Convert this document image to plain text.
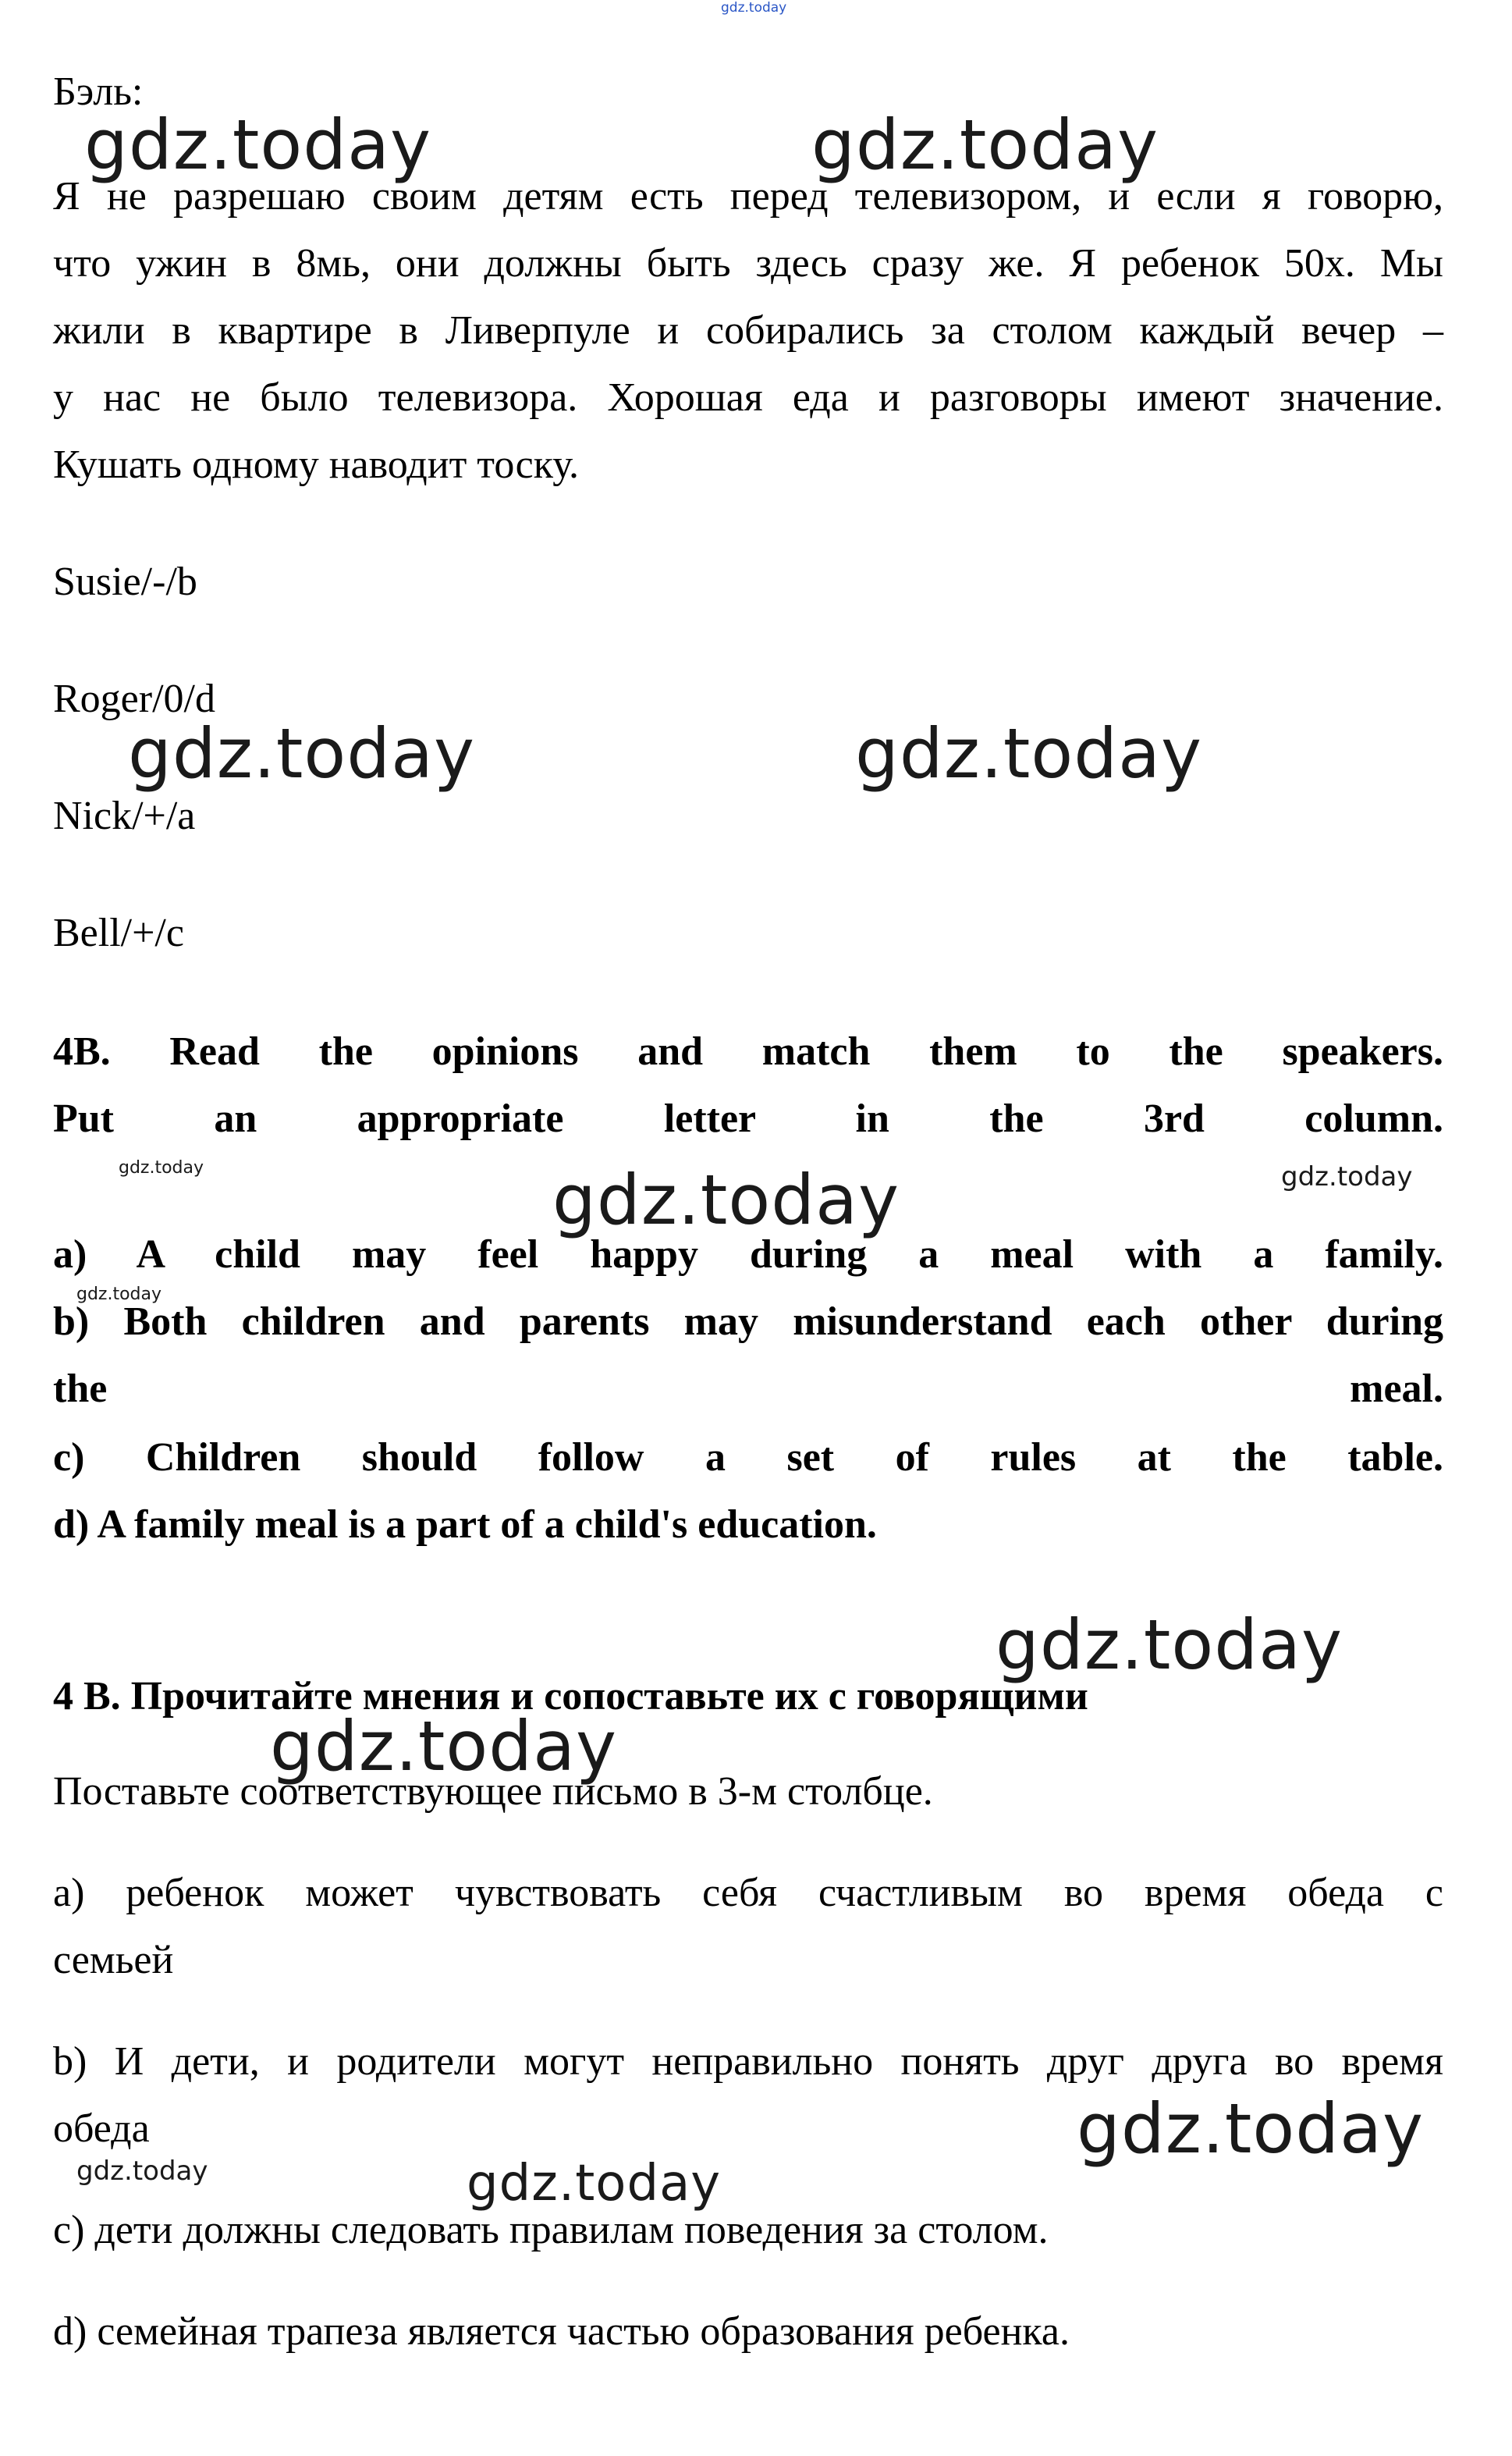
gdz.today
Бэль:
Я не разрешаю своим детям есть перед телевизором, и если я говорю,
что ужин в 8мь, они должны быть здесь сразу же. Я ребенок 50х. Мы
жили в квартире в Ливерпуле и собирались за столом каждый вечер –
у нас не было телевизора. Хорошая еда и разговоры имеют значение.
Кушать одному наводит тоску.
Susie/-/b
Roger/0/d
Nick/+/a
Bell/+/c
4B. Read the opinions and match them to the speakers.
Put an appropriate letter in the 3rd column.
a) A child may feel happy during a meal with a family.
b) Both children and parents may misunderstand each other during
the meal.
c) Children should follow a set of rules at the table.
d) A family meal is a part of a child's education.
4 В. Прочитайте мнения и сопоставьте их с говорящими
Поставьте соответствующее письмо в 3-м столбце.
а) ребенок может чувствовать себя счастливым во время обеда с
семьей
b) И дети, и родители могут неправильно понять друг друга во время
обеда
с) дети должны следовать правилам поведения за столом.
d) семейная трапеза является частью образования ребенка.
gdz.today	gdz.today
gdz.today	gdz.today
gdz.today	gdz.today	gdz.today
gdz.today
gdz.today
gdz.today
gdz.today
gdz.today	gdz.today
